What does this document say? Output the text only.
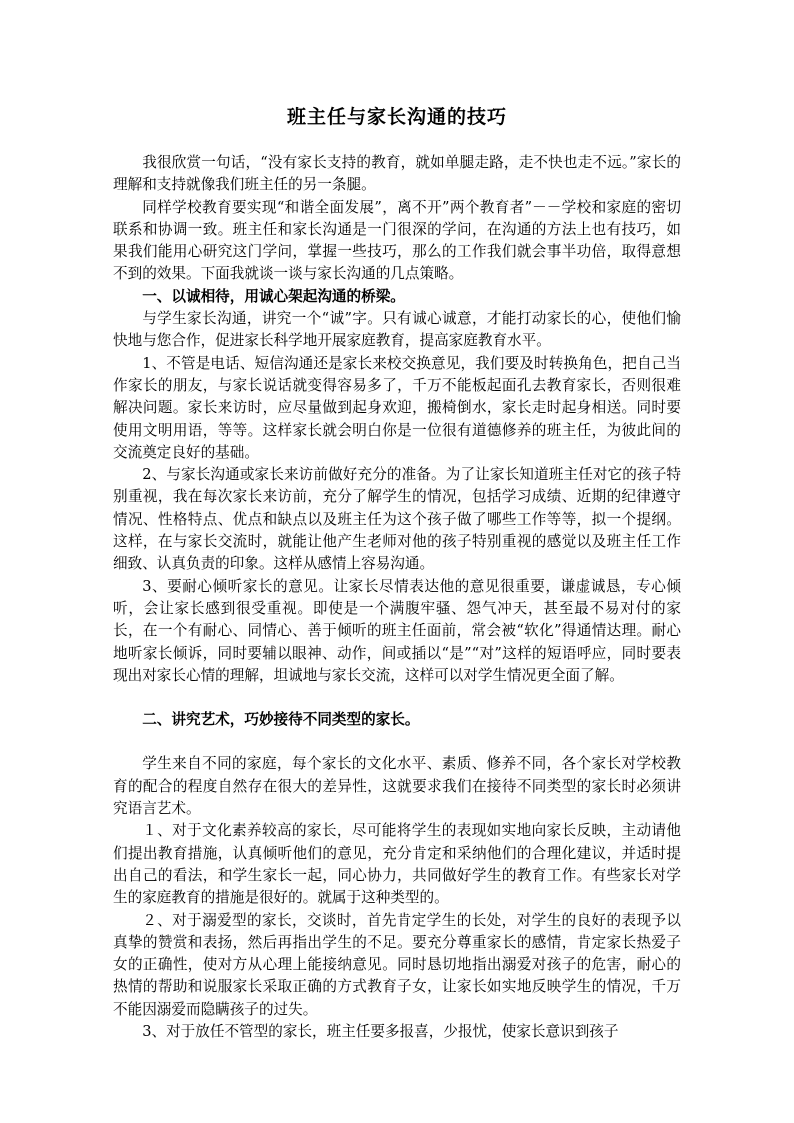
班主任与家长沟通的技巧

我很欣赏一句话，“没有家长支持的教育，就如单腿走路，走不快也走不远。”家长的理解和支持就像我们班主任的另一条腿。

同样学校教育要实现“和谐全面发展”，离不开”两个教育者”－－学校和家庭的密切联系和协调一致。班主任和家长沟通是一门很深的学问，在沟通的方法上也有技巧，如果我们能用心研究这门学问，掌握一些技巧，那么的工作我们就会事半功倍，取得意想不到的效果。下面我就谈一谈与家长沟通的几点策略。

一、以诚相待，用诚心架起沟通的桥梁。

与学生家长沟通，讲究一个“诚”字。只有诚心诚意，才能打动家长的心，使他们愉快地与您合作，促进家长科学地开展家庭教育，提高家庭教育水平。

1、不管是电话、短信沟通还是家长来校交换意见，我们要及时转换角色，把自己当作家长的朋友，与家长说话就变得容易多了，千万不能板起面孔去教育家长，否则很难解决问题。家长来访时，应尽量做到起身欢迎，搬椅倒水，家长走时起身相送。同时要使用文明用语，等等。这样家长就会明白你是一位很有道德修养的班主任，为彼此间的交流奠定良好的基础。

2、与家长沟通或家长来访前做好充分的准备。为了让家长知道班主任对它的孩子特别重视，我在每次家长来访前，充分了解学生的情况，包括学习成绩、近期的纪律遵守情况、性格特点、优点和缺点以及班主任为这个孩子做了哪些工作等等，拟一个提纲。这样，在与家长交流时，就能让他产生老师对他的孩子特别重视的感觉以及班主任工作细致、认真负责的印象。这样从感情上容易沟通。

3、要耐心倾听家长的意见。让家长尽情表达他的意见很重要，谦虚诚恳，专心倾听，会让家长感到很受重视。即使是一个满腹牢骚、怨气冲天，甚至最不易对付的家长，在一个有耐心、同情心、善于倾听的班主任面前，常会被“软化”得通情达理。耐心地听家长倾诉，同时要辅以眼神、动作，间或插以“是”“对”这样的短语呼应，同时要表现出对家长心情的理解，坦诚地与家长交流，这样可以对学生情况更全面了解。

二、讲究艺术，巧妙接待不同类型的家长。

学生来自不同的家庭，每个家长的文化水平、素质、修养不同，各个家长对学校教育的配合的程度自然存在很大的差异性，这就要求我们在接待不同类型的家长时必须讲究语言艺术。

１、对于文化素养较高的家长，尽可能将学生的表现如实地向家长反映，主动请他们提出教育措施，认真倾听他们的意见，充分肯定和采纳他们的合理化建议，并适时提出自己的看法，和学生家长一起，同心协力，共同做好学生的教育工作。有些家长对学生的家庭教育的措施是很好的。就属于这种类型的。

２、对于溺爱型的家长，交谈时，首先肯定学生的长处，对学生的良好的表现予以真挚的赞赏和表扬，然后再指出学生的不足。要充分尊重家长的感情，肯定家长热爱子女的正确性，使对方从心理上能接纳意见。同时恳切地指出溺爱对孩子的危害，耐心的热情的帮助和说服家长采取正确的方式教育子女，让家长如实地反映学生的情况，千万不能因溺爱而隐瞒孩子的过失。

3、对于放任不管型的家长，班主任要多报喜，少报忧，使家长意识到孩子
